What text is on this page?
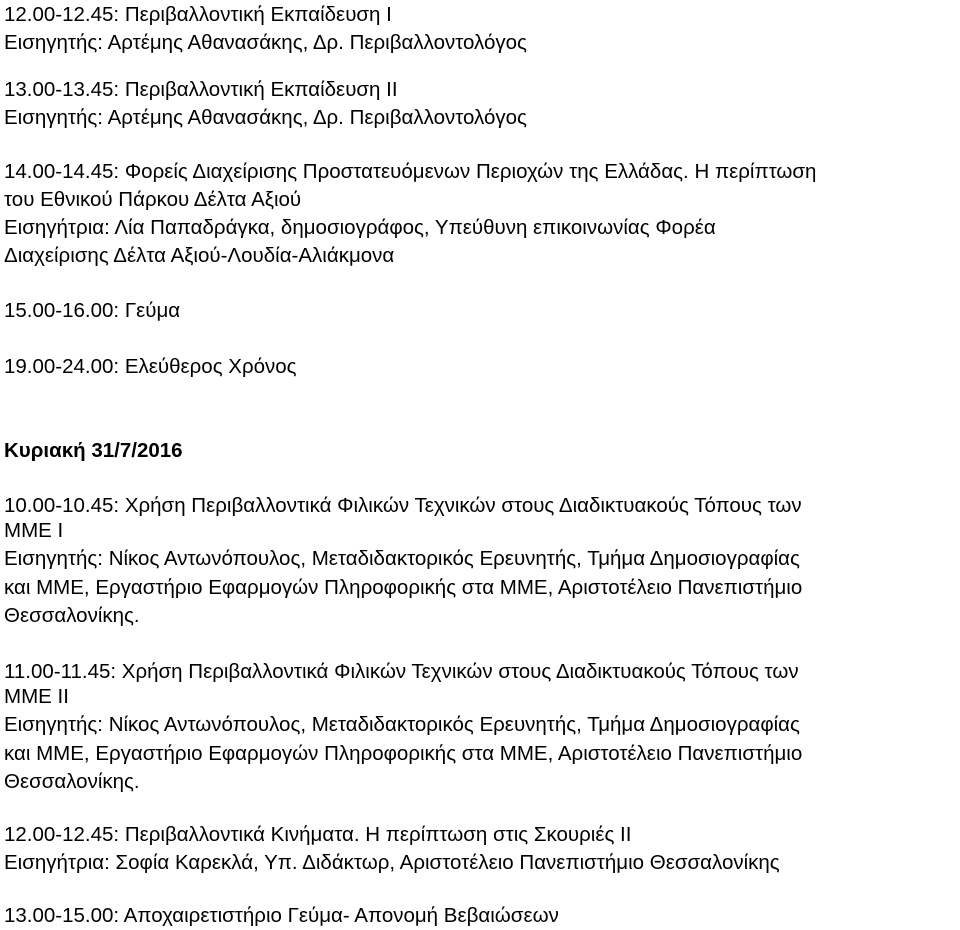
12.00-12.45: Περιβαλλοντική Εκπαίδευση Ι
Εισηγητής: Αρτέμης Αθανασάκης, Δρ. Περιβαλλοντολόγος
13.00-13.45: Περιβαλλοντική Εκπαίδευση ΙΙ
Εισηγητής: Αρτέμης Αθανασάκης, Δρ. Περιβαλλοντολόγος
14.00-14.45: Φορείς Διαχείρισης Προστατευόμενων Περιοχών της Ελλάδας. Η περίπτωση
του Εθνικού Πάρκου Δέλτα Αξιού
Εισηγήτρια: Λία Παπαδράγκα, δημοσιογράφος, Υπεύθυνη επικοινωνίας Φορέα
Διαχείρισης Δέλτα Αξιού-Λουδία-Αλιάκμονα
15.00-16.00: Γεύμα
19.00-24.00: Ελεύθερος Χρόνος
Κυριακή 31/7/2016
10.00-10.45: Χρήση Περιβαλλοντικά Φιλικών Τεχνικών στους Διαδικτυακούς Τόπους των
ΜΜΕ Ι
Εισηγητής: Νίκος Αντωνόπουλος, Μεταδιδακτορικός Ερευνητής, Τμήμα Δημοσιογραφίας
και ΜΜΕ, Εργαστήριο Εφαρμογών Πληροφορικής στα ΜΜΕ, Αριστοτέλειο Πανεπιστήμιο
Θεσσαλονίκης.
11.00-11.45: Χρήση Περιβαλλοντικά Φιλικών Τεχνικών στους Διαδικτυακούς Τόπους των
ΜΜΕ ΙΙ
Εισηγητής: Νίκος Αντωνόπουλος, Μεταδιδακτορικός Ερευνητής, Τμήμα Δημοσιογραφίας
και ΜΜΕ, Εργαστήριο Εφαρμογών Πληροφορικής στα ΜΜΕ, Αριστοτέλειο Πανεπιστήμιο
Θεσσαλονίκης.
12.00-12.45: Περιβαλλοντικά Κινήματα. Η περίπτωση στις Σκουριές ΙΙ
Εισηγήτρια: Σοφία Καρεκλά, Υπ. Διδάκτωρ, Αριστοτέλειο Πανεπιστήμιο Θεσσαλονίκης
13.00-15.00: Αποχαιρετιστήριο Γεύμα- Απονομή Βεβαιώσεων
